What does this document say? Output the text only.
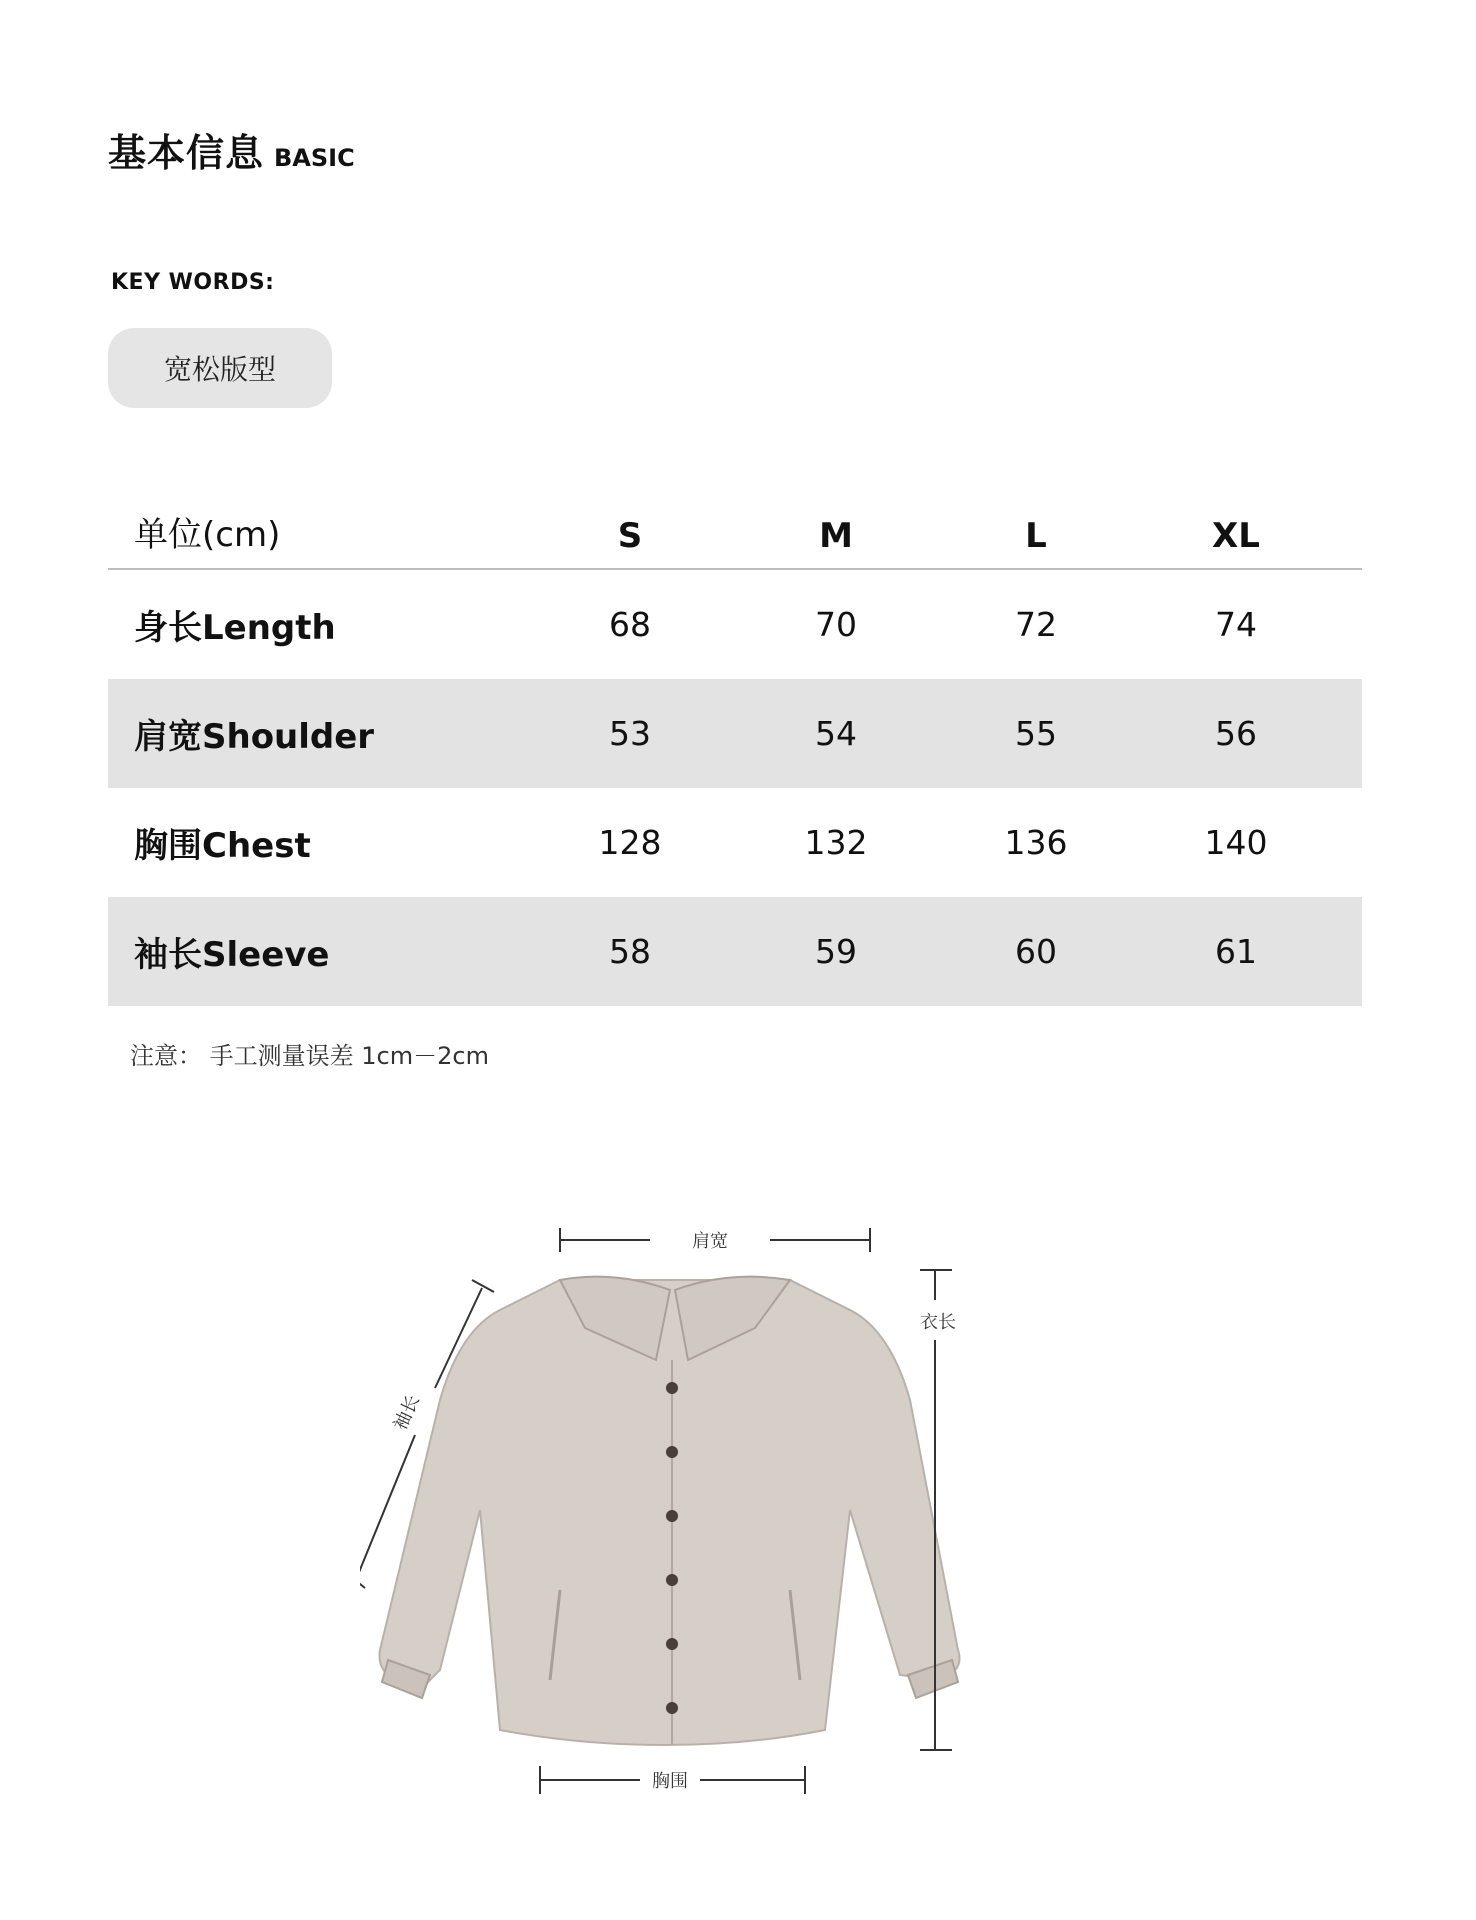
基本信息 BASIC
KEY WORDS:
宽松版型
单位(cm)	S	M	L	XL
身长Length	68	70	72	74
肩宽Shoulder	53	54	55	56
胸围Chest	128	132	136	140
袖长Sleeve	58	59	60	61
注意： 手工测量误差 1cm－2cm
肩宽
衣长
袖长
胸围
